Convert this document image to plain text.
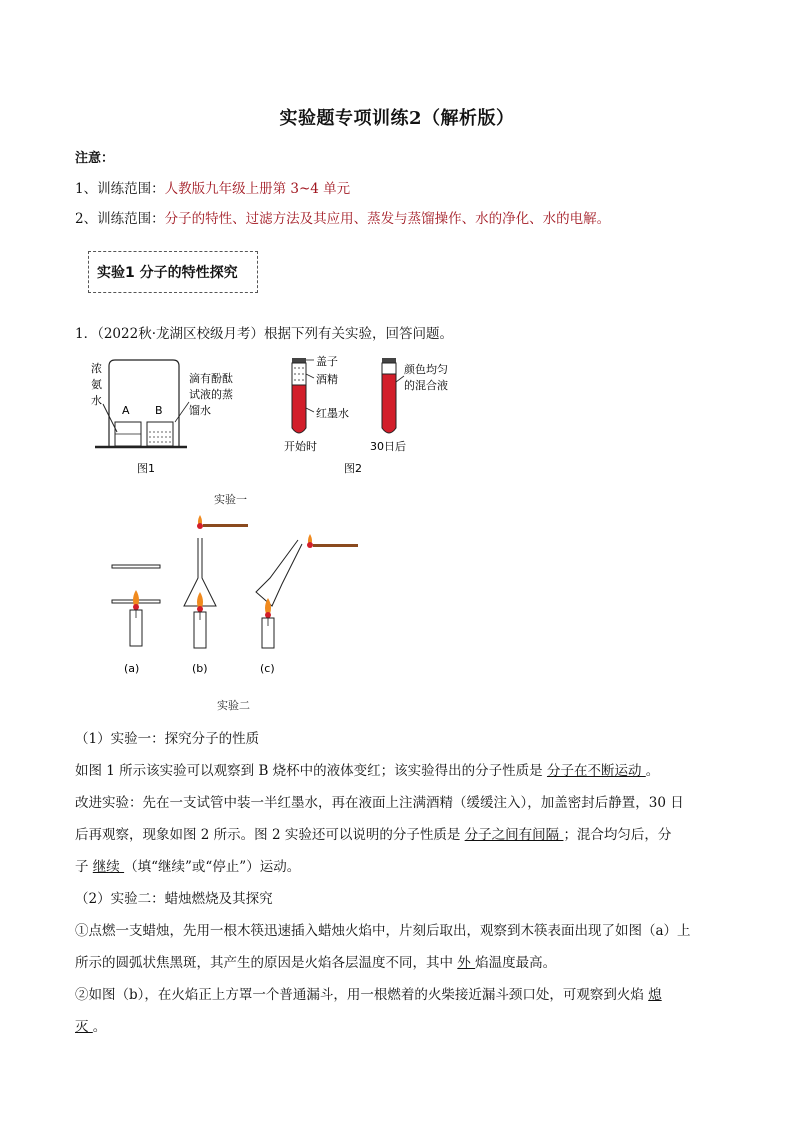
实验题专项训练2（解析版）
注意：
1、训练范围：人教版九年级上册第 3~4 单元
2、训练范围：分子的特性、过滤方法及其应用、蒸发与蒸馏操作、水的净化、水的电解。
实验1 分子的特性探究
1．（2022秋·龙湖区校级月考）根据下列有关实验，回答问题。
浓
氨
水
A B
滴有酚酞
试液的蒸
馏水
图1
盖子
酒精
红墨水
开始时
颜色均匀
的混合液
30日后
图2
实验一
(a)	(b)	(c)
实验二
（1）实验一：探究分子的性质
如图 1 所示该实验可以观察到 B 烧杯中的液体变红；该实验得出的分子性质是 分子在不断运动 。
改进实验：先在一支试管中装一半红墨水，再在液面上注满酒精（缓缓注入），加盖密封后静置，30 日
后再观察，现象如图 2 所示。图 2 实验还可以说明的分子性质是 分子之间有间隔 ；混合均匀后，分
子 继续 （填“继续”或“停止”）运动。
（2）实验二：蜡烛燃烧及其探究
①点燃一支蜡烛，先用一根木筷迅速插入蜡烛火焰中，片刻后取出，观察到木筷表面出现了如图（a）上
所示的圆弧状焦黑斑，其产生的原因是火焰各层温度不同，其中 外 焰温度最高。
②如图（b），在火焰正上方罩一个普通漏斗，用一根燃着的火柴接近漏斗颈口处，可观察到火焰 熄
灭 。
